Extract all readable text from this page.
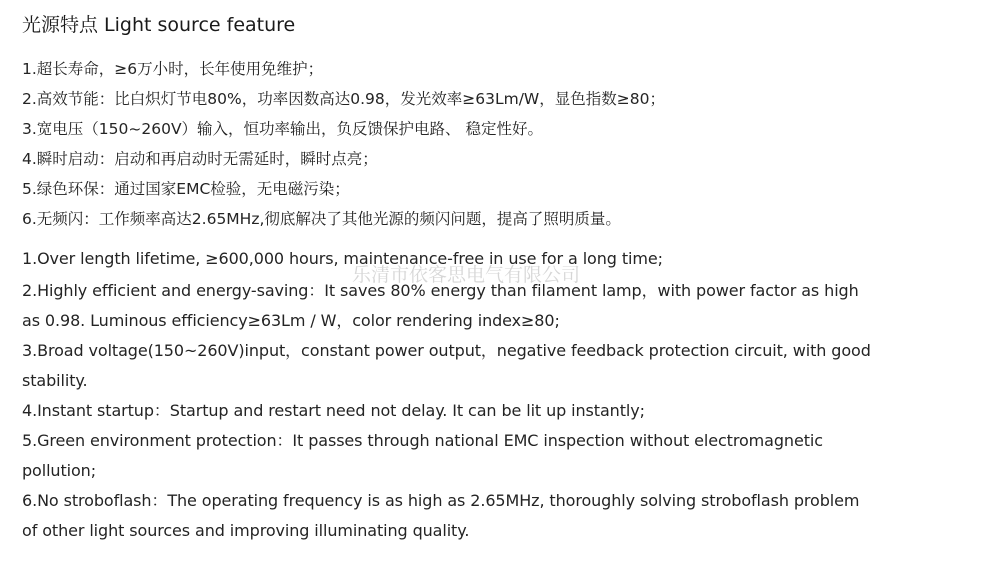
光源特点 Light source feature
1.超长寿命，≥6万小时，长年使用免维护；
2.高效节能：比白炽灯节电80%，功率因数高达0.98，发光效率≥63Lm/W，显色指数≥80；
3.宽电压（150~260V）输入，恒功率输出，负反馈保护电路、 稳定性好。
4.瞬时启动：启动和再启动时无需延时，瞬时点亮；
5.绿色环保：通过国家EMC检验，无电磁污染；
6.无频闪：工作频率高达2.65MHz,彻底解决了其他光源的频闪问题，提高了照明质量。
1.Over length lifetime, ≥600,000 hours, maintenance-free in use for a long time;
2.Highly efficient and energy-saving：It saves 80% energy than filament lamp，with power factor as high
as 0.98. Luminous efficiency≥63Lm / W，color rendering index≥80;
3.Broad voltage(150~260V)input，constant power output，negative feedback protection circuit, with good
stability.
4.Instant startup：Startup and restart need not delay. It can be lit up instantly;
5.Green environment protection：It passes through national EMC inspection without electromagnetic
pollution;
6.No stroboflash：The operating frequency is as high as 2.65MHz, thoroughly solving stroboflash problem
of other light sources and improving illuminating quality.
乐清市依客思电气有限公司
